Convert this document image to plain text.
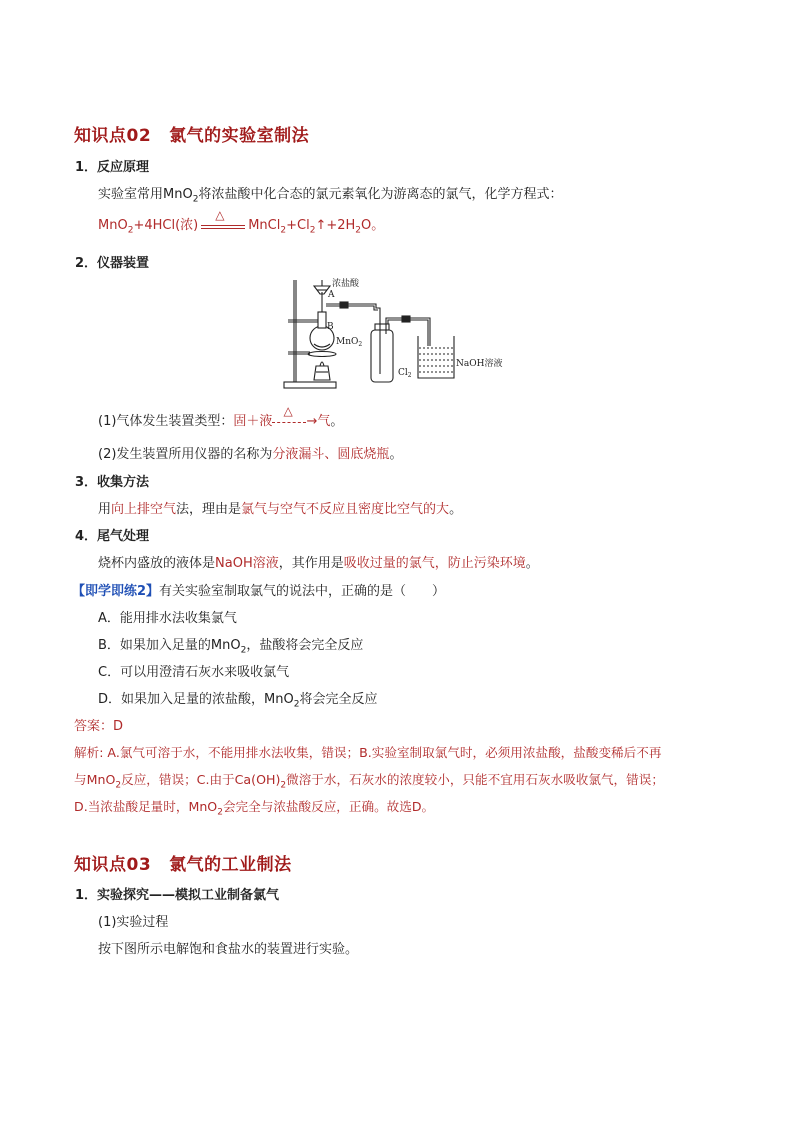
知识点02 氯气的实验室制法
1．反应原理
实验室常用MnO$_2$将浓盐酸中化合态的氯元素氧化为游离态的氯气，化学方程式：
MnO$_2$+4HCl(浓)
△
$MnCl_2+Cl_2↑+2H_2O$。
2．仪器装置
浓盐酸
A
B
MnO$_2$
$Cl_2$
NaOH溶液
(1)气体发生装置类型：固＋液
△
→气。
(2)发生装置所用仪器的名称为分液漏斗、圆底烧瓶。
3．收集方法
用向上排空气法，理由是氯气与空气不反应且密度比空气的大。
4．尾气处理
烧杯内盛放的液体是NaOH溶液，其作用是吸收过量的氯气，防止污染环境。
【即学即练2】有关实验室制取氯气的说法中，正确的是（　　）
A．能用排水法收集氯气
B．如果加入足量的MnO$_2$，盐酸将会完全反应
C．可以用澄清石灰水来吸收氯气
D．如果加入足量的浓盐酸，MnO$_2$将会完全反应
答案：D
解析: A.氯气可溶于水，不能用排水法收集，错误；B.实验室制取氯气时，必须用浓盐酸，盐酸变稀后不再
与MnO$_2$反应，错误；C.由于$Ca(OH)_2$微溶于水，石灰水的浓度较小，只能不宜用石灰水吸收氯气，错误；
D.当浓盐酸足量时，MnO$_2$会完全与浓盐酸反应，正确。故选D。
知识点03 氯气的工业制法
1．实验探究——模拟工业制备氯气
(1)实验过程
按下图所示电解饱和食盐水的装置进行实验。
